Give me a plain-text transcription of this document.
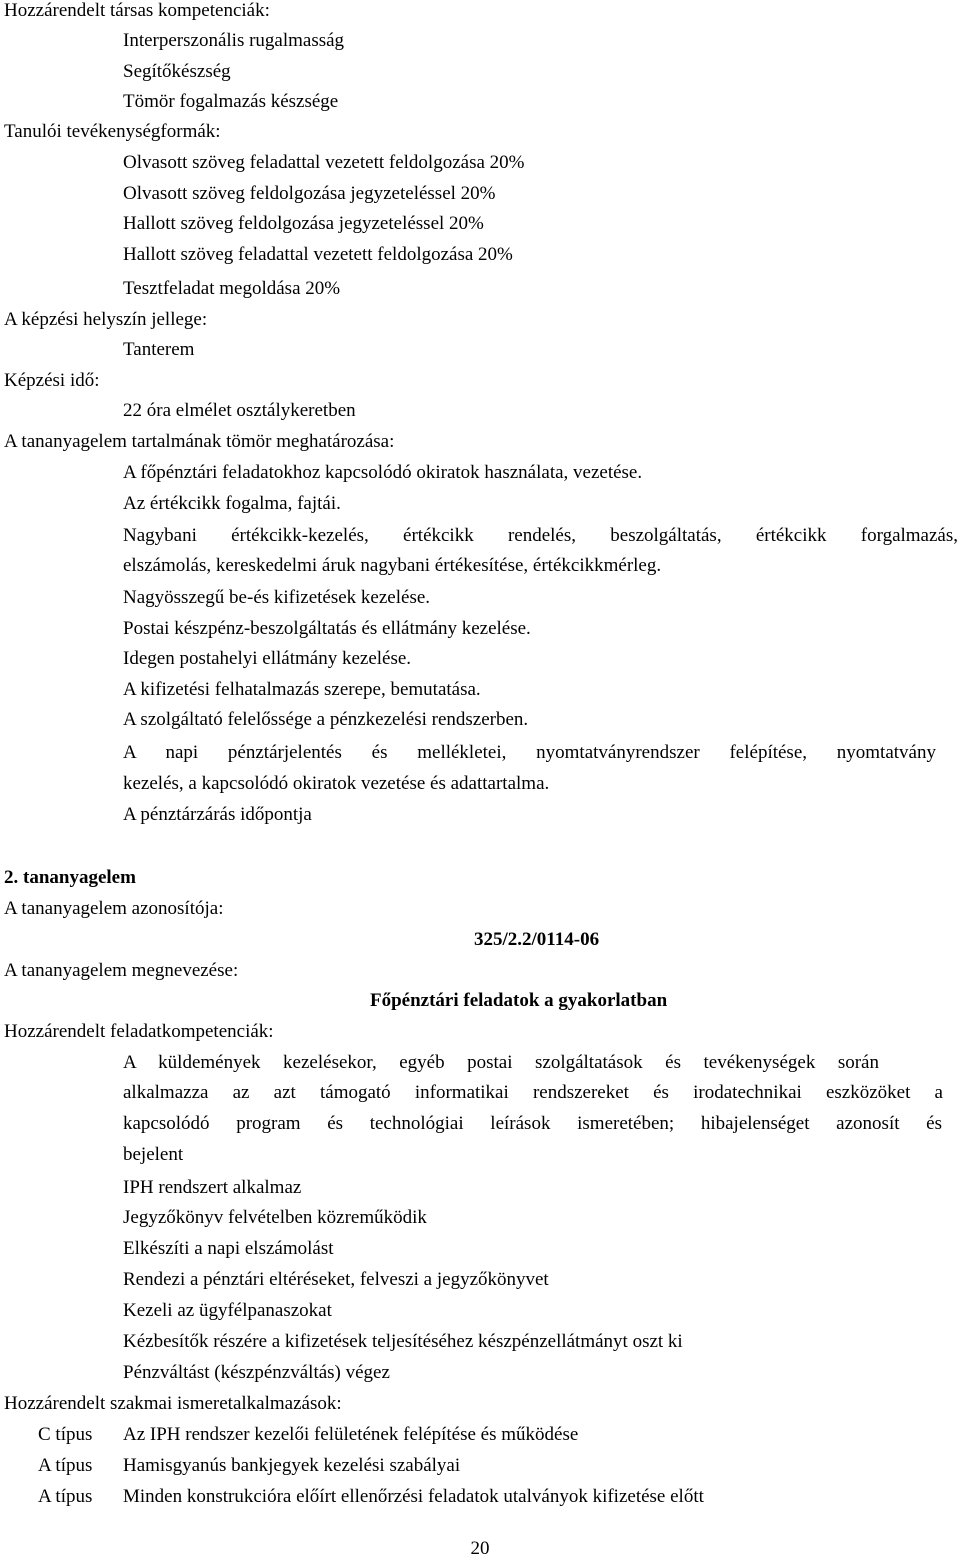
Hozzárendelt társas kompetenciák:
Interperszonális rugalmasság
Segítőkészség
Tömör fogalmazás készsége
Tanulói tevékenységformák:
Olvasott szöveg feladattal vezetett feldolgozása 20%
Olvasott szöveg feldolgozása jegyzeteléssel 20%
Hallott szöveg feldolgozása jegyzeteléssel 20%
Hallott szöveg feladattal vezetett feldolgozása 20%
Tesztfeladat megoldása 20%
A képzési helyszín jellege:
Tanterem
Képzési idő:
22 óra elmélet osztálykeretben
A tananyagelem tartalmának tömör meghatározása:
A főpénztári feladatokhoz kapcsolódó okiratok használata, vezetése.
Az értékcikk fogalma, fajtái.
Nagybani értékcikk-kezelés, értékcikk rendelés, beszolgáltatás, értékcikk forgalmazás,
elszámolás, kereskedelmi áruk nagybani értékesítése, értékcikkmérleg.
Nagyösszegű be-és kifizetések kezelése.
Postai készpénz-beszolgáltatás és ellátmány kezelése.
Idegen postahelyi ellátmány kezelése.
A kifizetési felhatalmazás szerepe, bemutatása.
A szolgáltató felelőssége a pénzkezelési rendszerben.
A napi pénztárjelentés és mellékletei, nyomtatványrendszer felépítése, nyomtatvány
kezelés, a kapcsolódó okiratok vezetése és adattartalma.
A pénztárzárás időpontja
2. tananyagelem
A tananyagelem azonosítója:
325/2.2/0114-06
A tananyagelem megnevezése:
Főpénztári feladatok a gyakorlatban
Hozzárendelt feladatkompetenciák:
A küldemények kezelésekor, egyéb postai szolgáltatások és tevékenységek során
alkalmazza az azt támogató informatikai rendszereket és irodatechnikai eszközöket a
kapcsolódó program és technológiai leírások ismeretében; hibajelenséget azonosít és
bejelent
IPH rendszert alkalmaz
Jegyzőkönyv felvételben közreműködik
Elkészíti a napi elszámolást
Rendezi a pénztári eltéréseket, felveszi a jegyzőkönyvet
Kezeli az ügyfélpanaszokat
Kézbesítők részére a kifizetések teljesítéséhez készpénzellátmányt oszt ki
Pénzváltást (készpénzváltás) végez
Hozzárendelt szakmai ismeretalkalmazások:
C típus Az IPH rendszer kezelői felületének felépítése és működése
A típus Hamisgyanús bankjegyek kezelési szabályai
A típus Minden konstrukcióra előírt ellenőrzési feladatok utalványok kifizetése előtt
20
